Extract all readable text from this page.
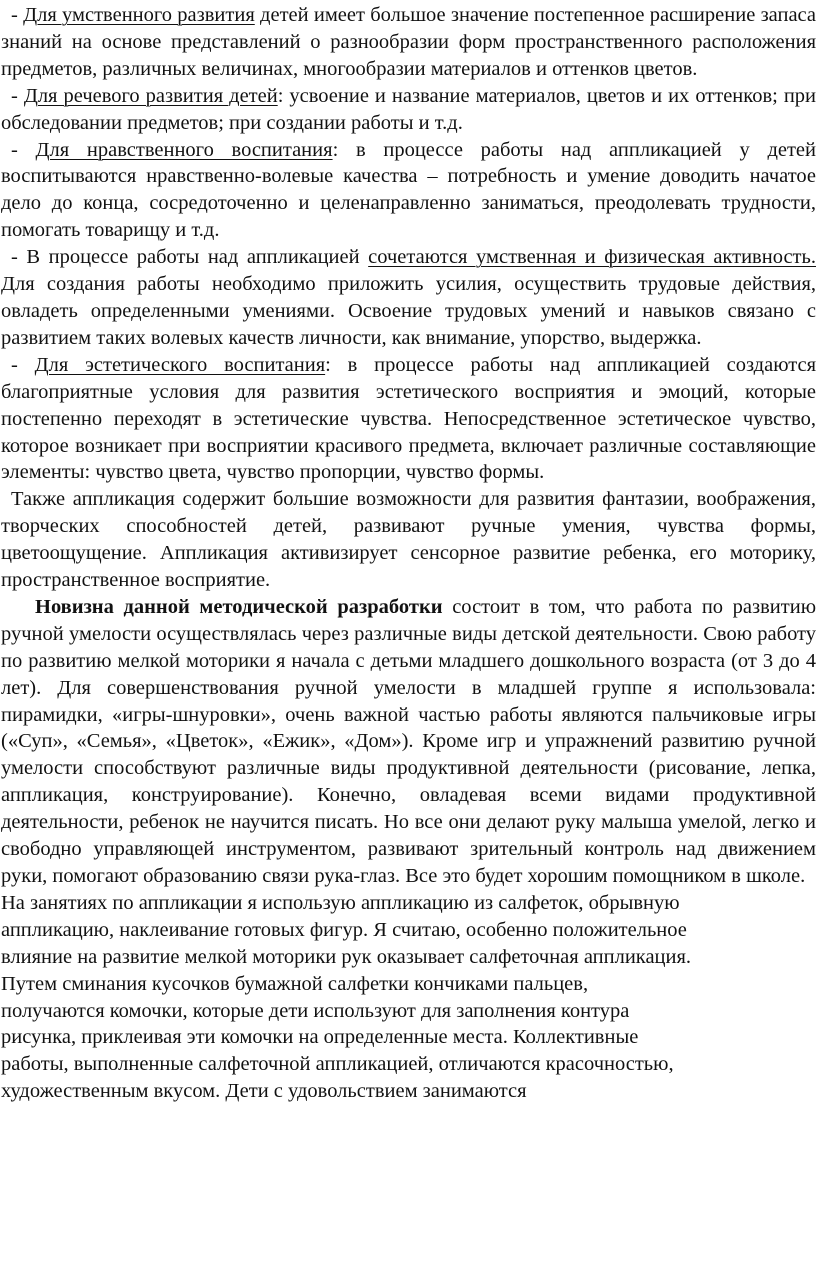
- Для умственного развития детей имеет большое значение постепенное расширение запаса знаний на основе представлений о разнообразии форм пространственного расположения предметов, различных величинах, многообразии материалов и оттенков цветов.

- Для речевого развития детей: усвоение и название материалов, цветов и их оттенков; при обследовании предметов; при создании работы и т.д.

- Для нравственного воспитания: в процессе работы над аппликацией у детей воспитываются нравственно-волевые качества – потребность и умение доводить начатое дело до конца, сосредоточенно и целенаправленно заниматься, преодолевать трудности, помогать товарищу и т.д.

- В процессе работы над аппликацией сочетаются умственная и физическая активность. Для создания работы необходимо приложить усилия, осуществить трудовые действия, овладеть определенными умениями. Освоение трудовых умений и навыков связано с развитием таких волевых качеств личности, как внимание, упорство, выдержка.

- Для эстетического воспитания: в процессе работы над аппликацией создаются благоприятные условия для развития эстетического восприятия и эмоций, которые постепенно переходят в эстетические чувства. Непосредственное эстетическое чувство, которое возникает при восприятии красивого предмета, включает различные составляющие элементы: чувство цвета, чувство пропорции, чувство формы.

Также аппликация содержит большие возможности для развития фантазии, воображения, творческих способностей детей, развивают ручные умения, чувства формы, цветоощущение. Аппликация активизирует сенсорное развитие ребенка, его моторику, пространственное восприятие.

Новизна данной методической разработки состоит в том, что работа по развитию ручной умелости осуществлялась через различные виды детской деятельности. Свою работу по развитию мелкой моторики я начала с детьми младшего дошкольного возраста (от 3 до 4 лет). Для совершенствования ручной умелости в младшей группе я использовала: пирамидки, «игры-шнуровки», очень важной частью работы являются пальчиковые игры («Суп», «Семья», «Цветок», «Ежик», «Дом»). Кроме игр и упражнений развитию ручной умелости способствуют различные виды продуктивной деятельности (рисование, лепка, аппликация, конструирование). Конечно, овладевая всеми видами продуктивной деятельности, ребенок не научится писать. Но все они делают руку малыша умелой, легко и свободно управляющей инструментом, развивают зрительный контроль над движением руки, помогают образованию связи рука-глаз. Все это будет хорошим помощником в школе.

На занятиях по аппликации я использую аппликацию из салфеток, обрывную
аппликацию, наклеивание готовых фигур. Я считаю, особенно положительное
влияние на развитие мелкой моторики рук оказывает салфеточная аппликация.
Путем сминания кусочков бумажной салфетки кончиками пальцев,
получаются комочки, которые дети используют для заполнения контура
рисунка, приклеивая эти комочки на определенные места. Коллективные
работы, выполненные салфеточной аппликацией, отличаются красочностью,
художественным вкусом. Дети с удовольствием занимаются
